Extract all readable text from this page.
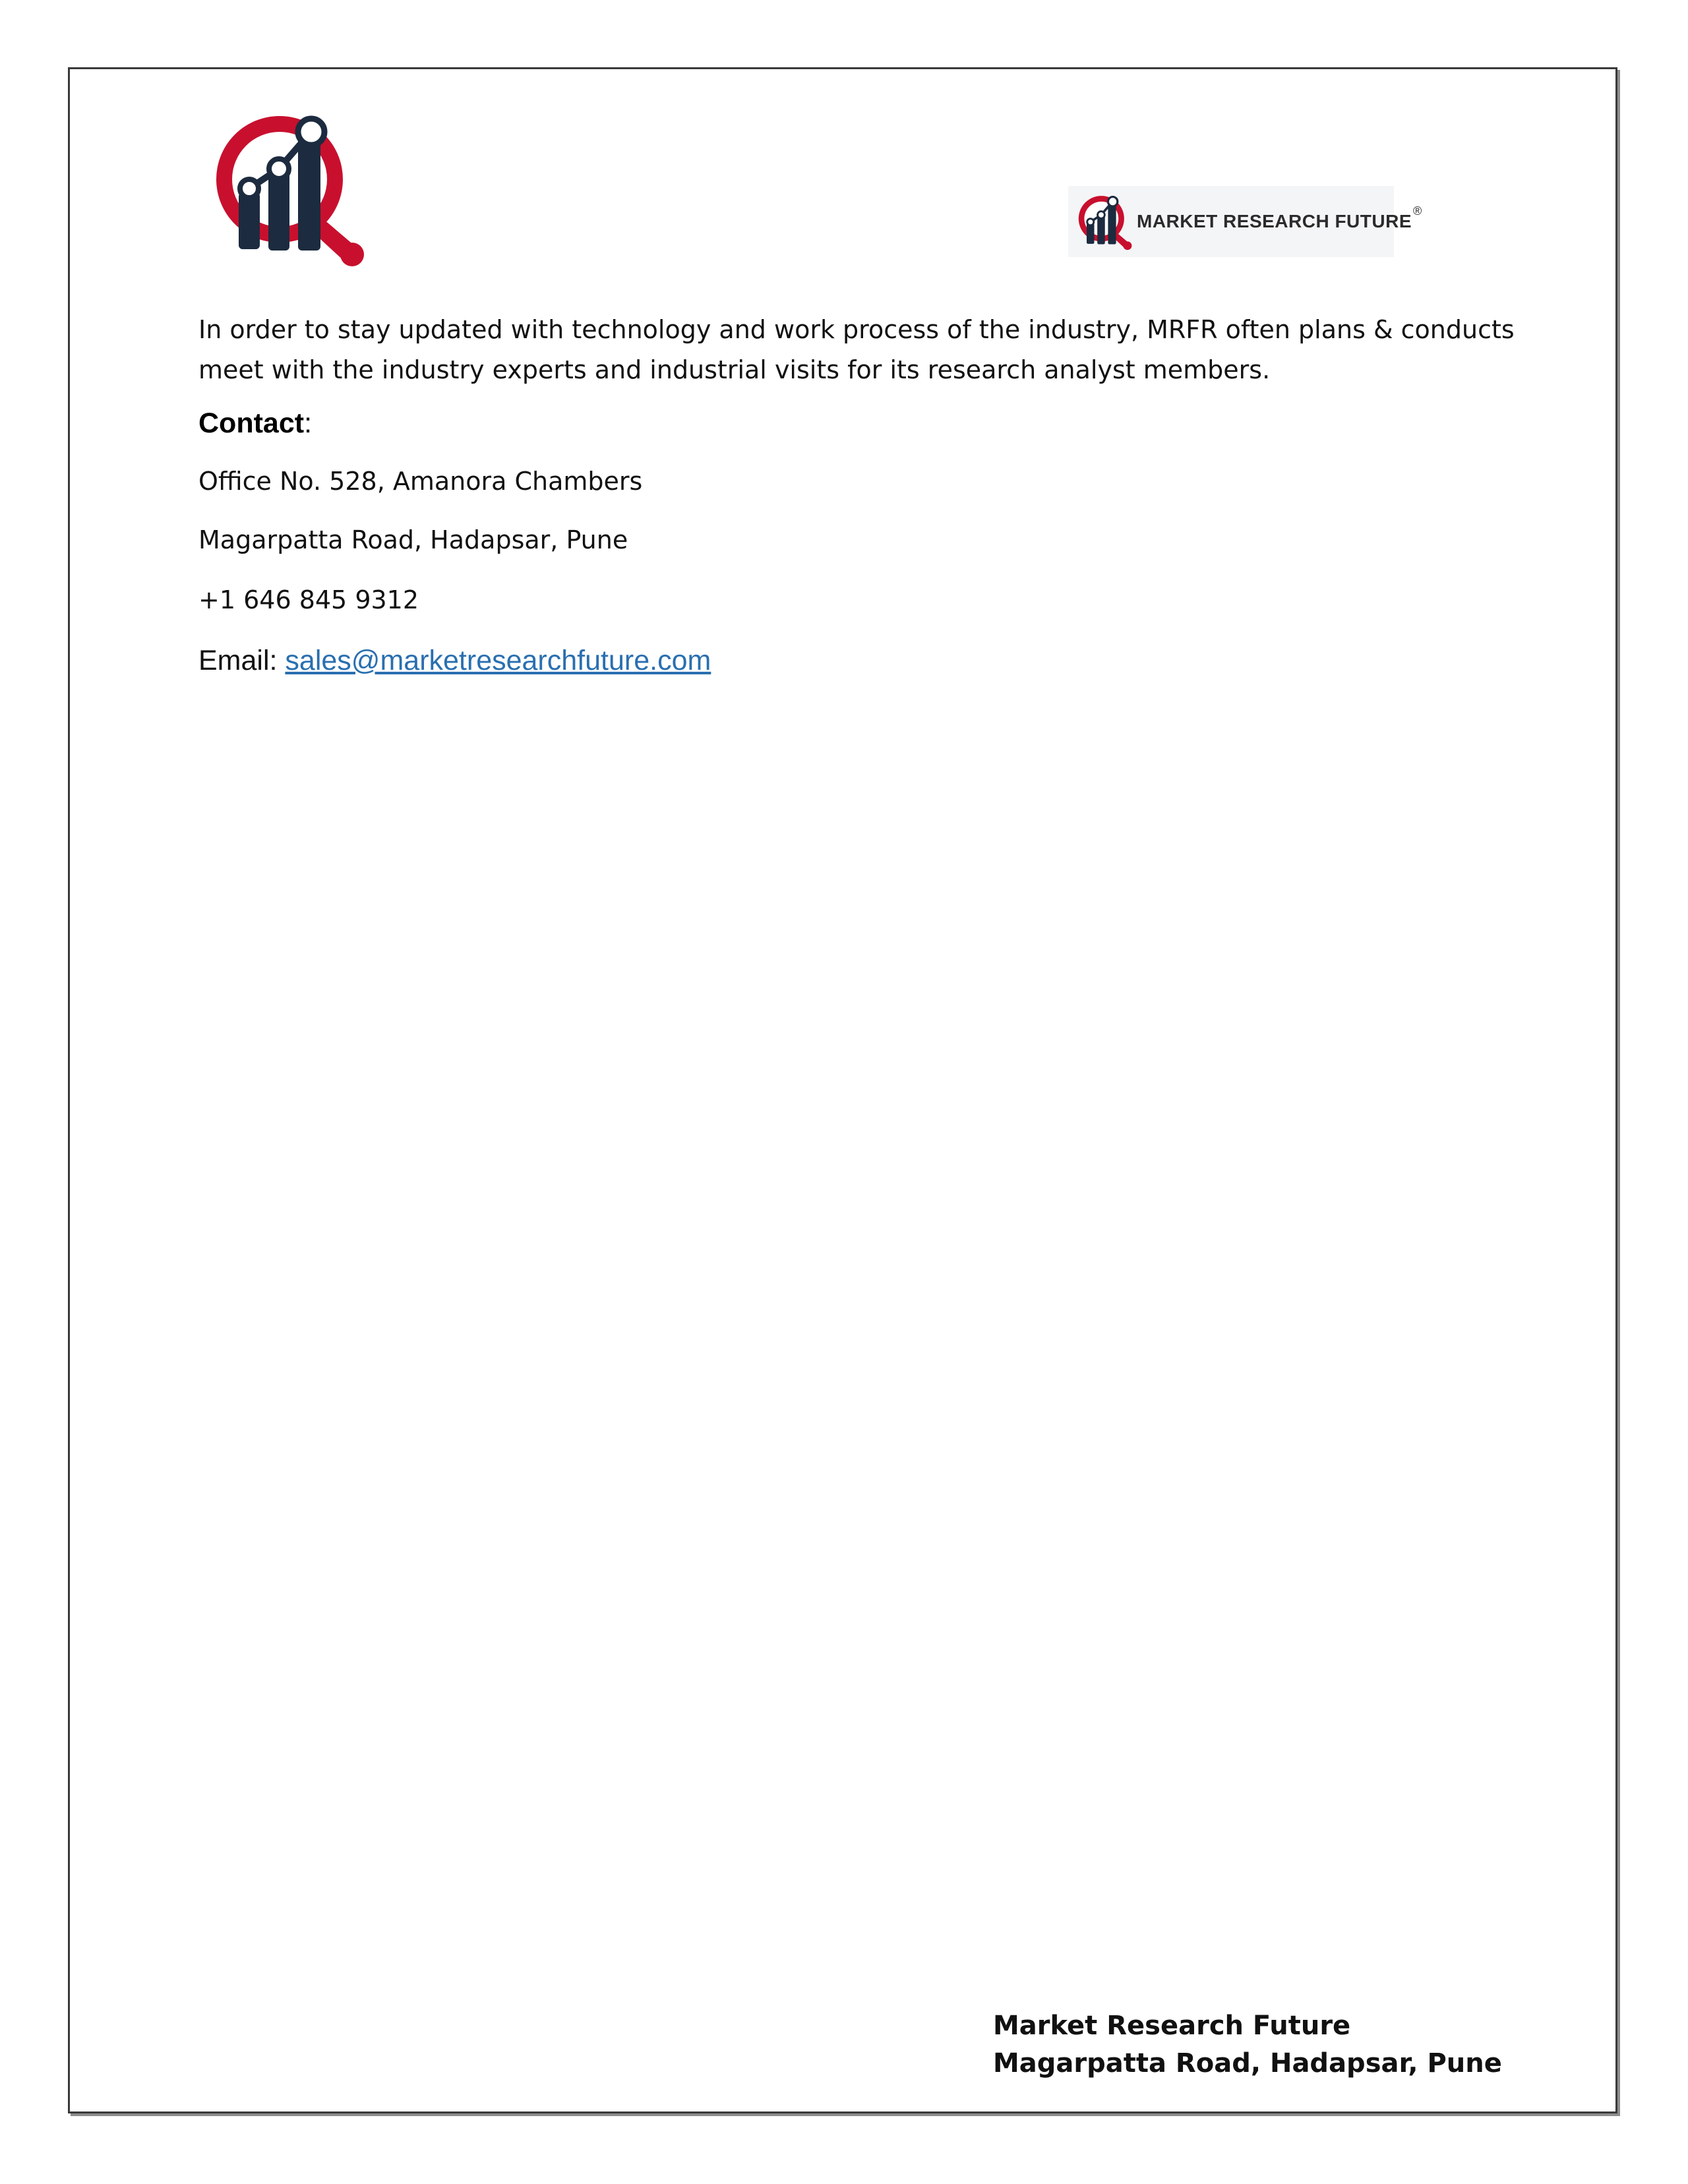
MARKET RESEARCH FUTURE
®
In order to stay updated with technology and work process of the industry, MRFR often plans & conducts meet with the industry experts and industrial visits for its research analyst members.
Contact:
Office No. 528, Amanora Chambers
Magarpatta Road, Hadapsar, Pune
+1 646 845 9312
Email: sales@marketresearchfuture.com
Market Research Future
Magarpatta Road, Hadapsar, Pune
